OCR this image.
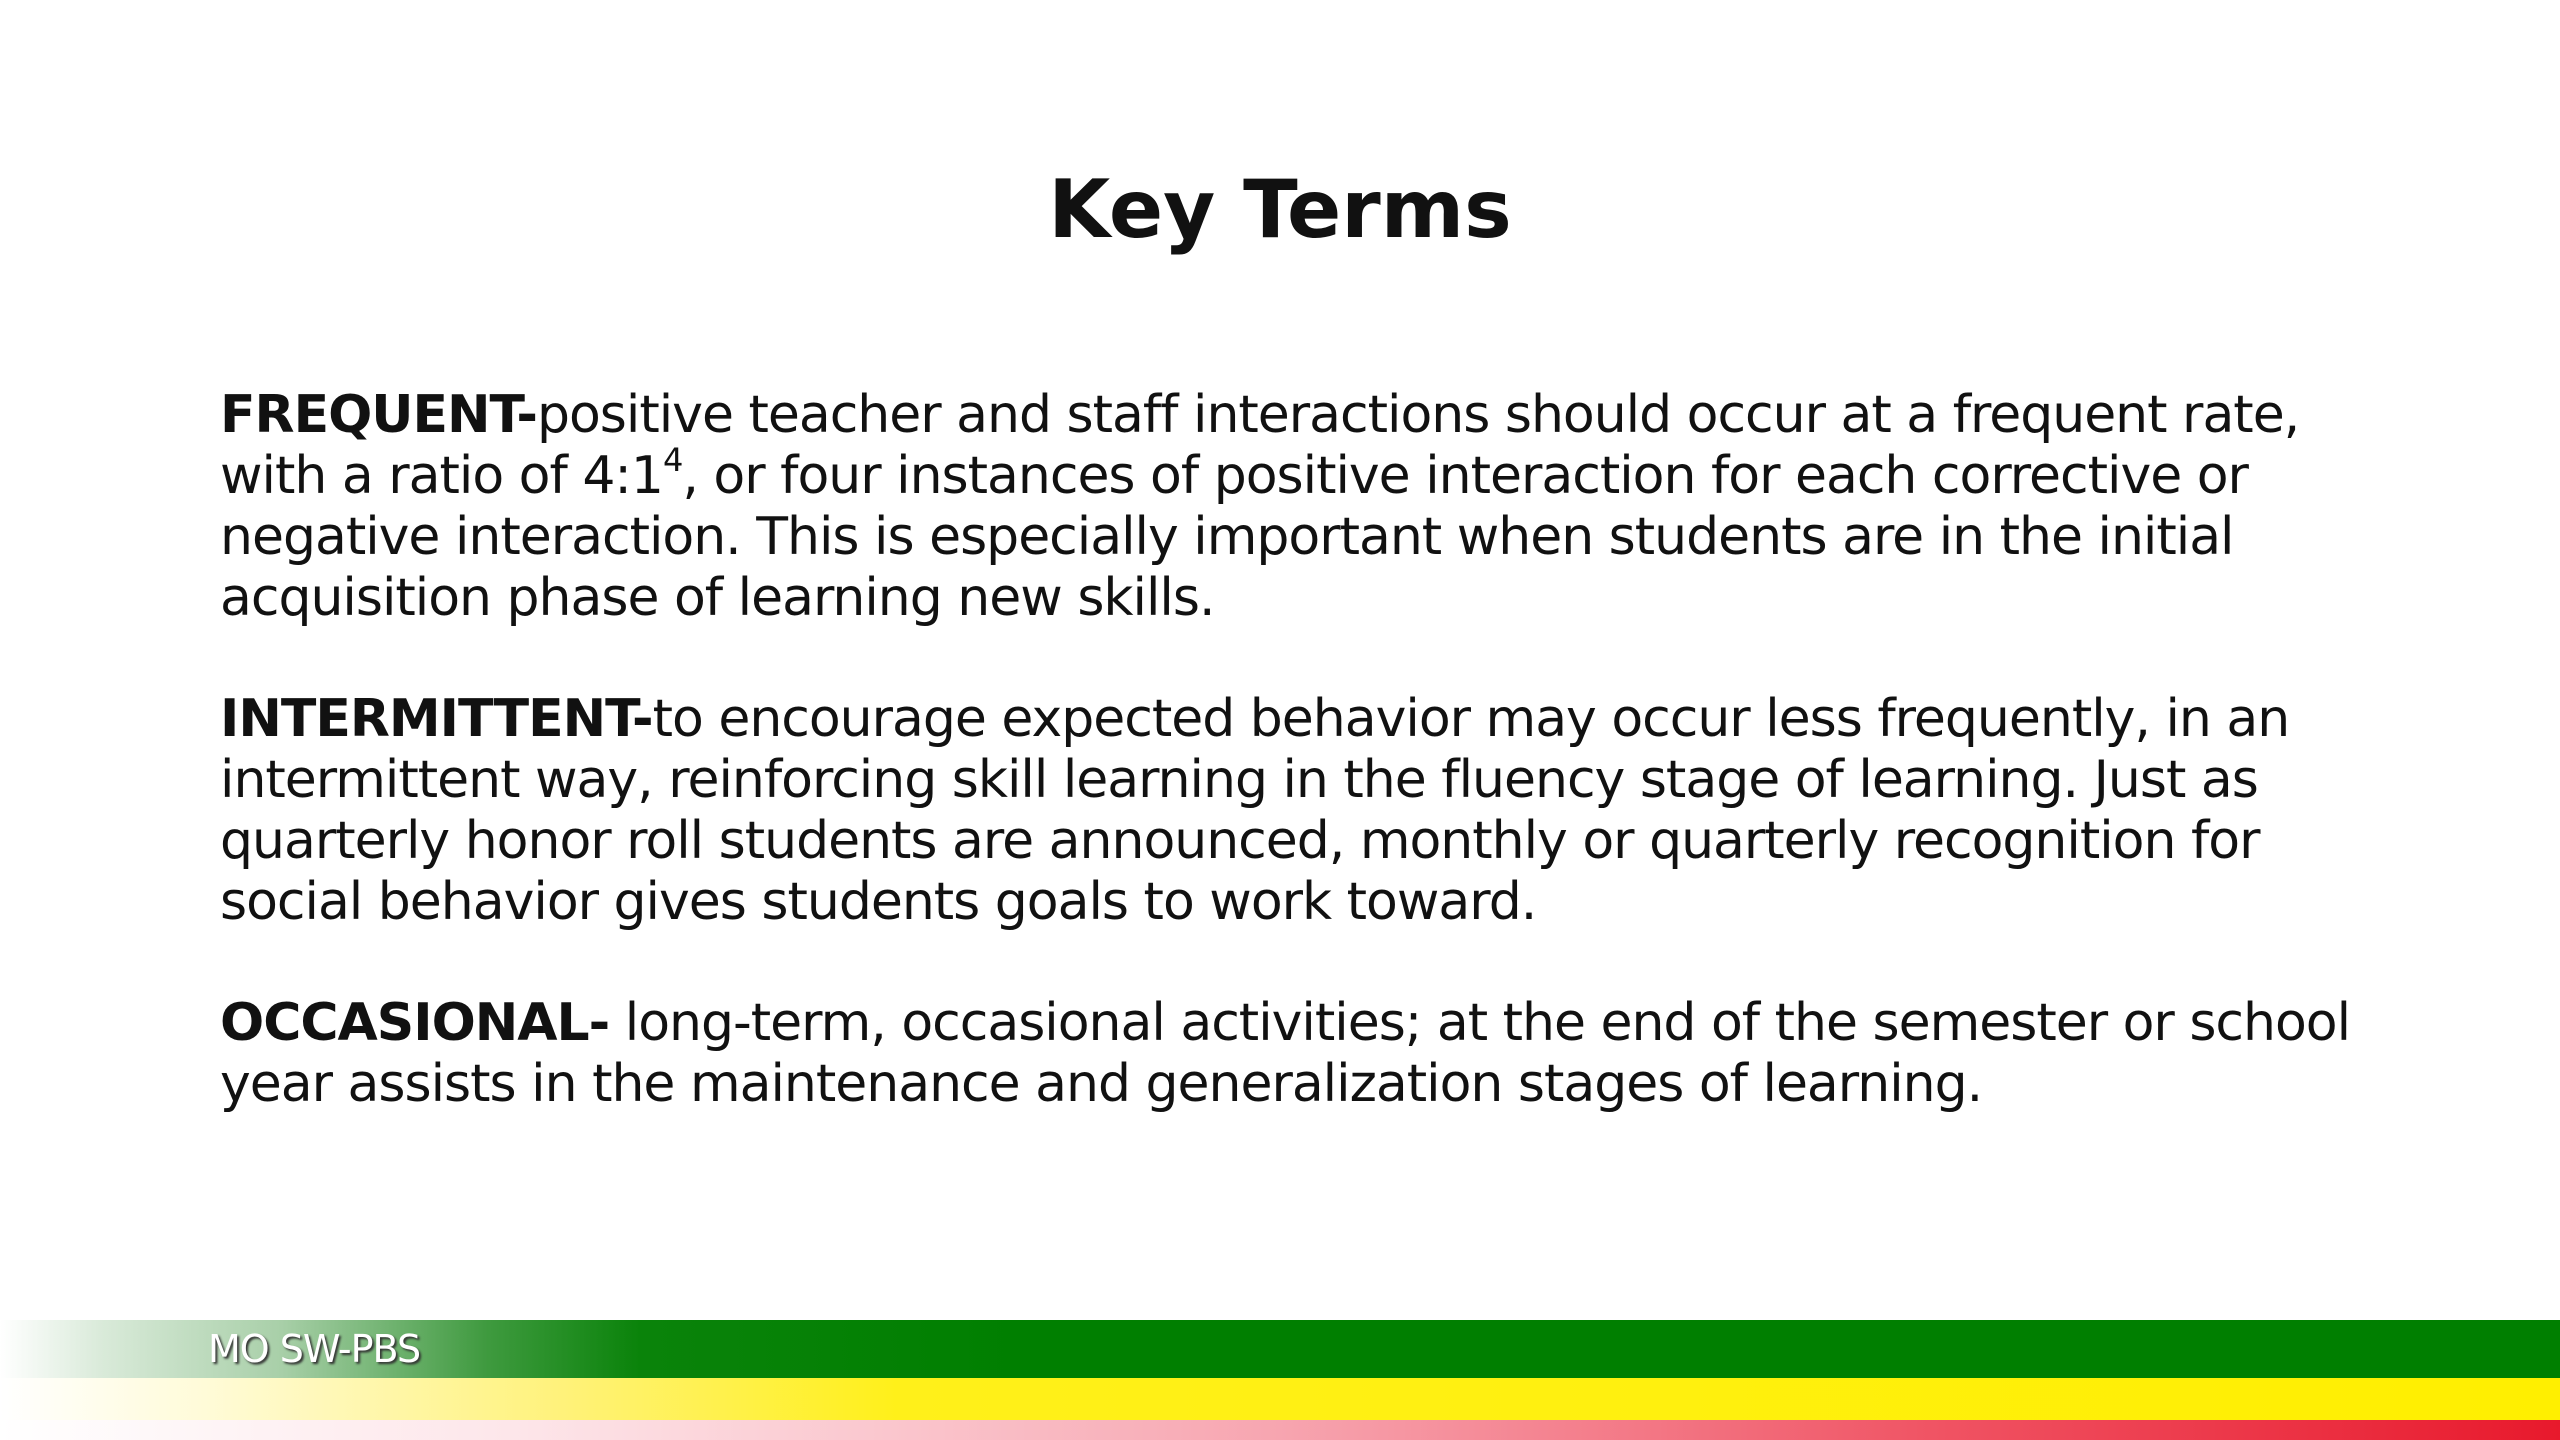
Key Terms

FREQUENT-positive teacher and staff interactions should occur at a frequent rate, with a ratio of $4:1^4$, or four instances of positive interaction for each corrective or negative interaction. This is especially important when students are in the initial acquisition phase of learning new skills.

INTERMITTENT-to encourage expected behavior may occur less frequently, in an intermittent way, reinforcing skill learning in the fluency stage of learning. Just as quarterly honor roll students are announced, monthly or quarterly recognition for social behavior gives students goals to work toward.

OCCASIONAL- long-term, occasional activities; at the end of the semester or school year assists in the maintenance and generalization stages of learning.

MO SW-PBS
